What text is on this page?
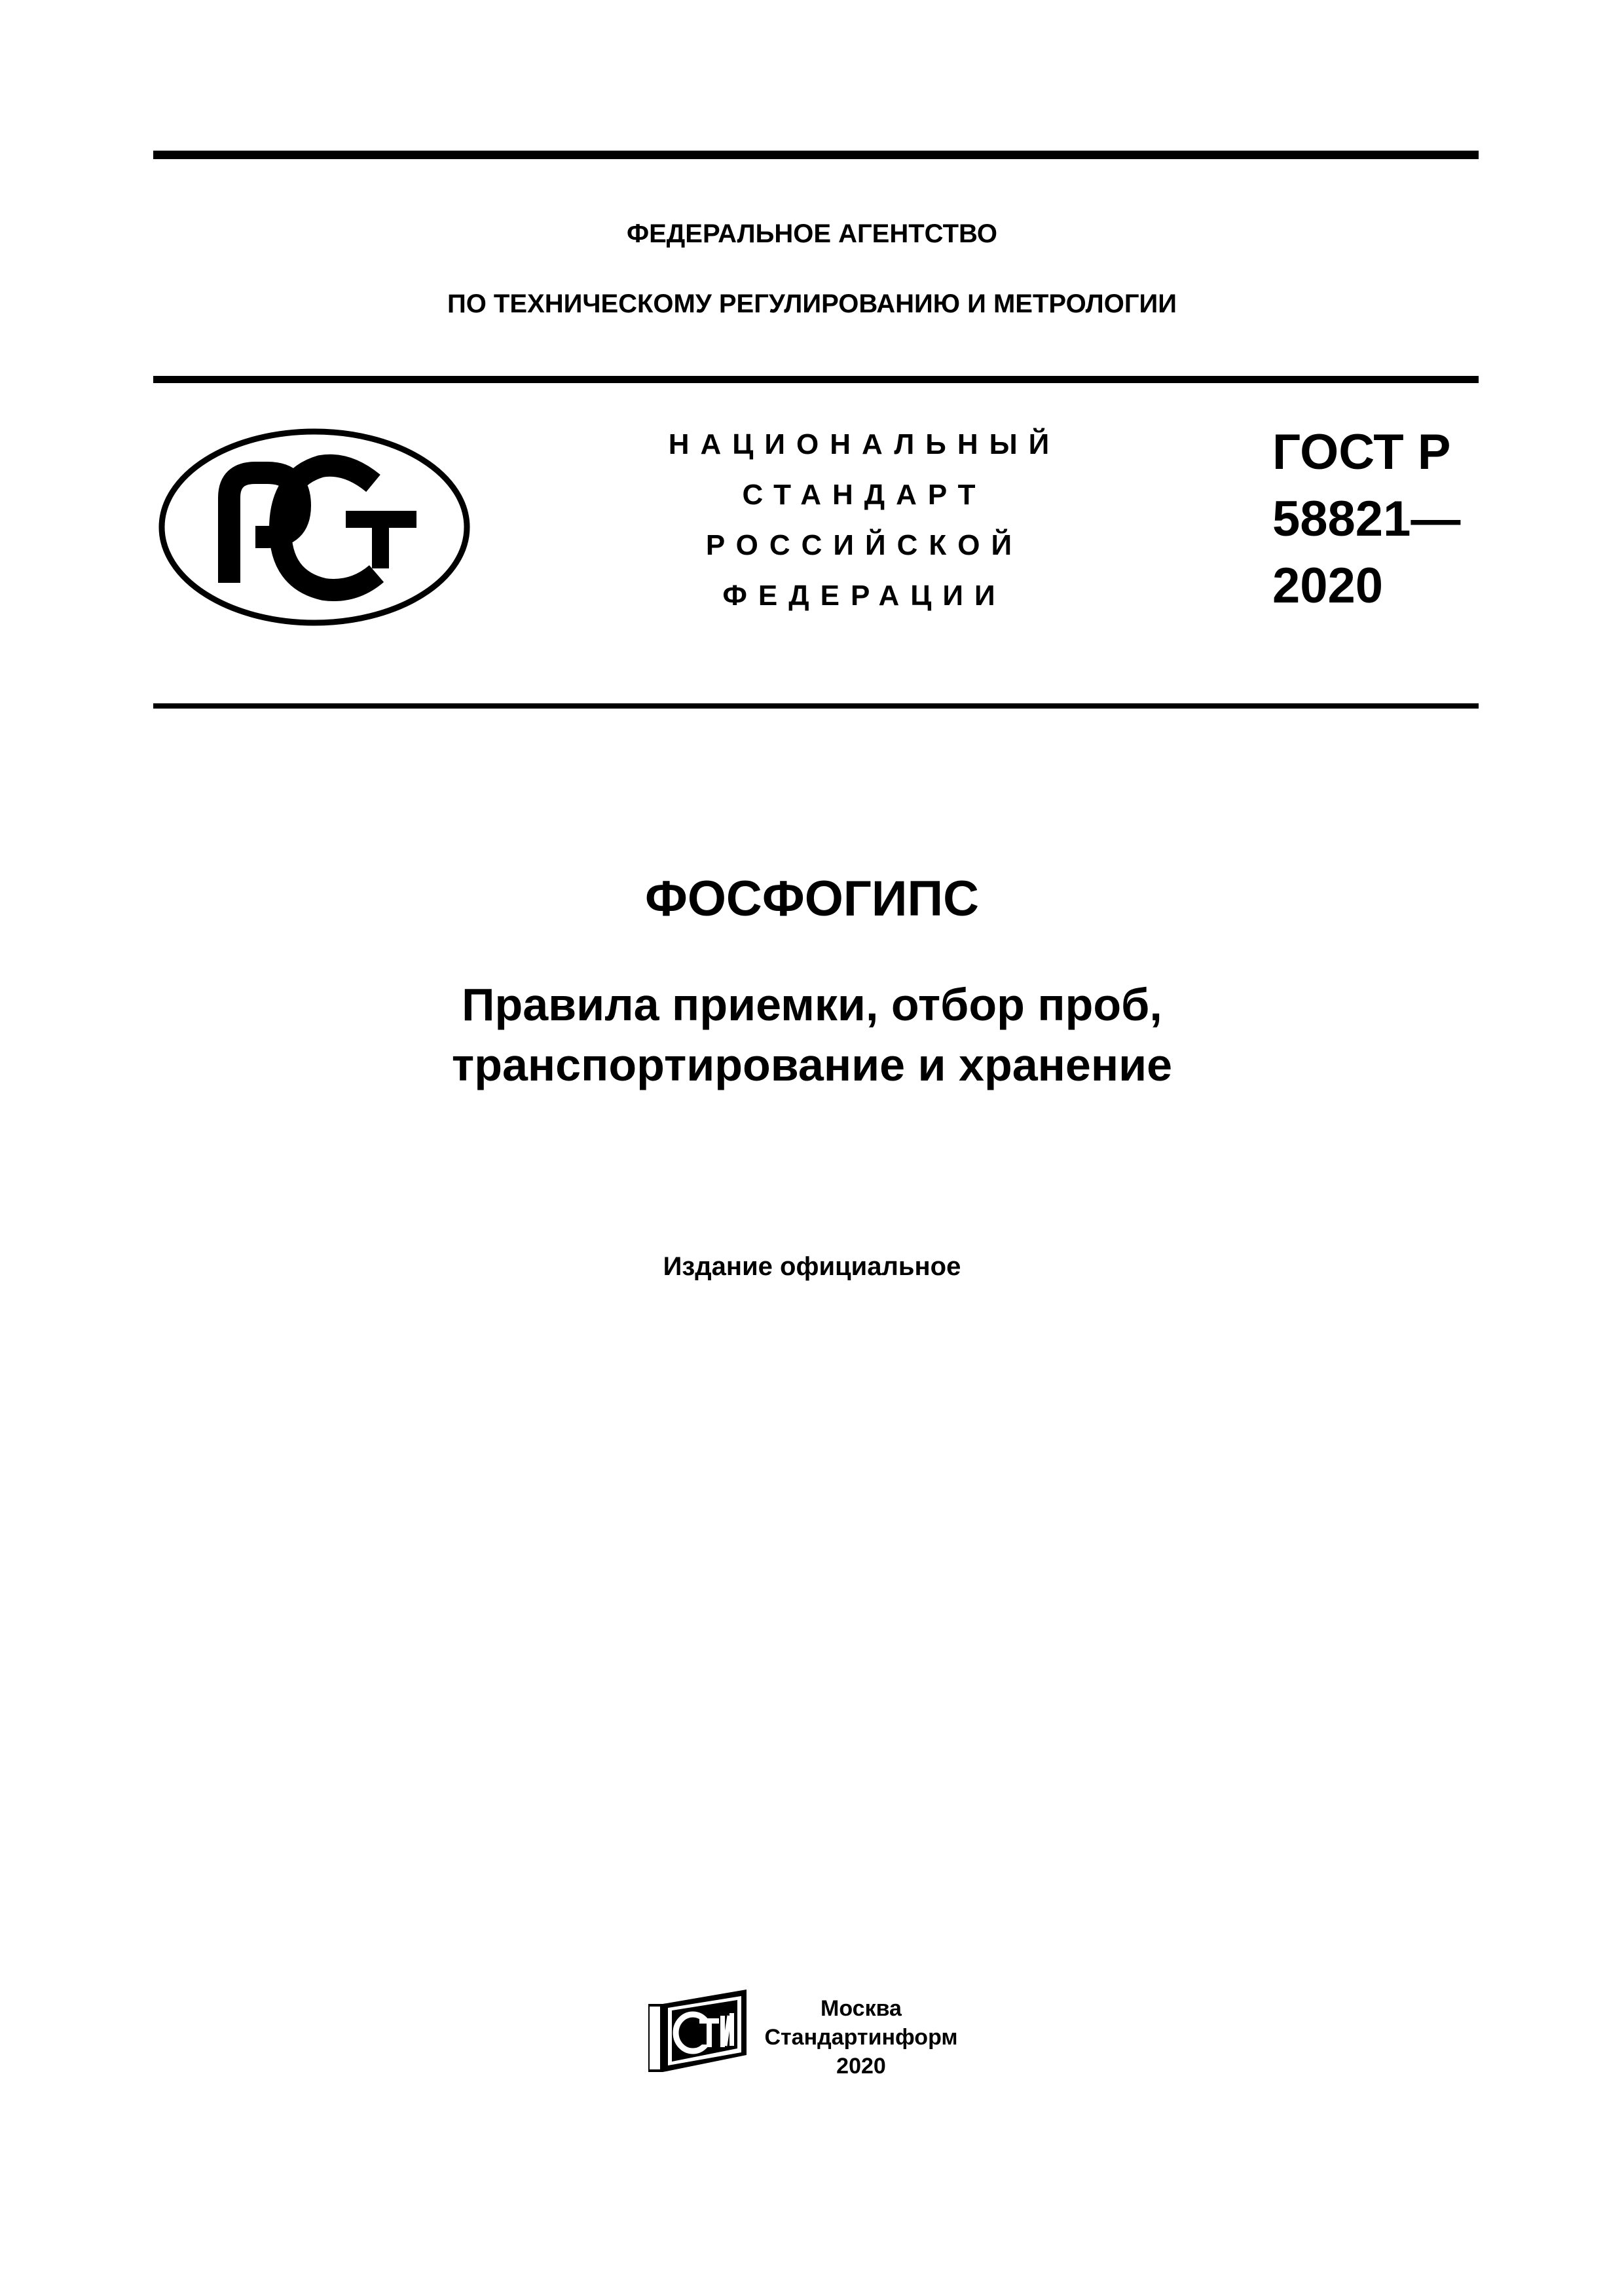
ФЕДЕРАЛЬНОЕ АГЕНТСТВО
ПО ТЕХНИЧЕСКОМУ РЕГУЛИРОВАНИЮ И МЕТРОЛОГИИ
НАЦИОНАЛЬНЫЙ
СТАНДАРТ
РОССИЙСКОЙ
ФЕДЕРАЦИИ
ГОСТ Р
58821—
2020
ФОСФОГИПС
Правила приемки, отбор проб,
транспортирование и хранение
Издание официальное
Москва
Стандартинформ
2020
